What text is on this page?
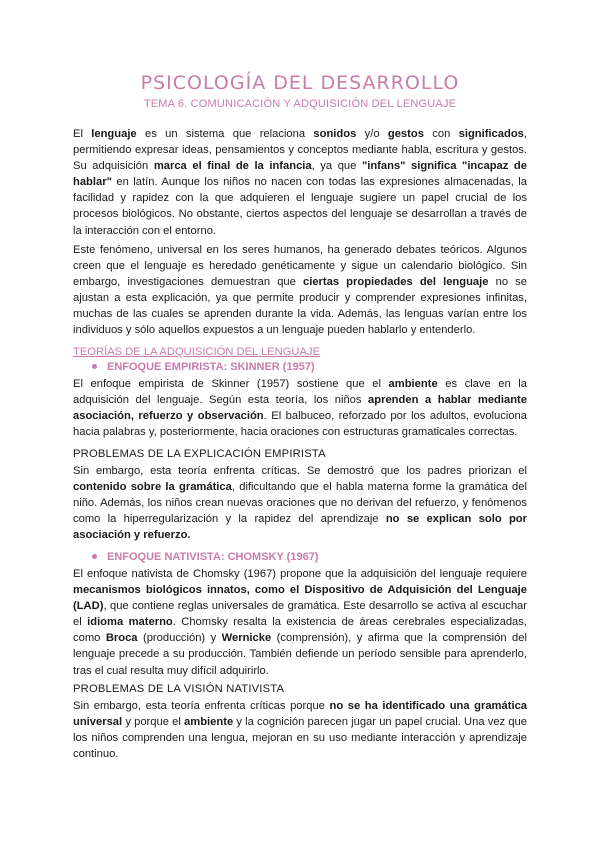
PSICOLOGÍA DEL DESARROLLO
TEMA 6. COMUNICACIÓN Y ADQUISICIÓN DEL LENGUAJE
El lenguaje es un sistema que relaciona sonidos y/o gestos con significados, permitiendo expresar ideas, pensamientos y conceptos mediante habla, escritura y gestos. Su adquisición marca el final de la infancia, ya que "infans" significa "incapaz de hablar" en latín. Aunque los niños no nacen con todas las expresiones almacenadas, la facilidad y rapidez con la que adquieren el lenguaje sugiere un papel crucial de los procesos biológicos. No obstante, ciertos aspectos del lenguaje se desarrollan a través de la interacción con el entorno.
Este fenómeno, universal en los seres humanos, ha generado debates teóricos. Algunos creen que el lenguaje es heredado genéticamente y sigue un calendario biológico. Sin embargo, investigaciones demuestran que ciertas propiedades del lenguaje no se ajustan a esta explicación, ya que permite producir y comprender expresiones infinitas, muchas de las cuales se aprenden durante la vida. Además, las lenguas varían entre los individuos y sólo aquellos expuestos a un lenguaje pueden hablarlo y entenderlo.
TEORÍAS DE LA ADQUISICIÓN DEL LENGUAJE
ENFOQUE EMPIRISTA: SKINNER (1957)
El enfoque empirista de Skinner (1957) sostiene que el ambiente es clave en la adquisición del lenguaje. Según esta teoría, los niños aprenden a hablar mediante asociación, refuerzo y observación. El balbuceo, reforzado por los adultos, evoluciona hacia palabras y, posteriormente, hacia oraciones con estructuras gramaticales correctas.
PROBLEMAS DE LA EXPLICACIÓN EMPIRISTA
Sin embargo, esta teoría enfrenta críticas. Se demostró que los padres priorizan el contenido sobre la gramática, dificultando que el habla materna forme la gramática del niño. Además, los niños crean nuevas oraciones que no derivan del refuerzo, y fenómenos como la hiperregularización y la rapidez del aprendizaje no se explican solo por asociación y refuerzo.
ENFOQUE NATIVISTA: CHOMSKY (1967)
El enfoque nativista de Chomsky (1967) propone que la adquisición del lenguaje requiere mecanismos biológicos innatos, como el Dispositivo de Adquisición del Lenguaje (LAD), que contiene reglas universales de gramática. Este desarrollo se activa al escuchar el idioma materno. Chomsky resalta la existencia de áreas cerebrales especializadas, como Broca (producción) y Wernicke (comprensión), y afirma que la comprensión del lenguaje precede a su producción. También defiende un período sensible para aprenderlo, tras el cual resulta muy difícil adquirirlo.
PROBLEMAS DE LA VISIÓN NATIVISTA
Sin embargo, esta teoría enfrenta críticas porque no se ha identificado una gramática universal y porque el ambiente y la cognición parecen jugar un papel crucial. Una vez que los niños comprenden una lengua, mejoran en su uso mediante interacción y aprendizaje continuo.
